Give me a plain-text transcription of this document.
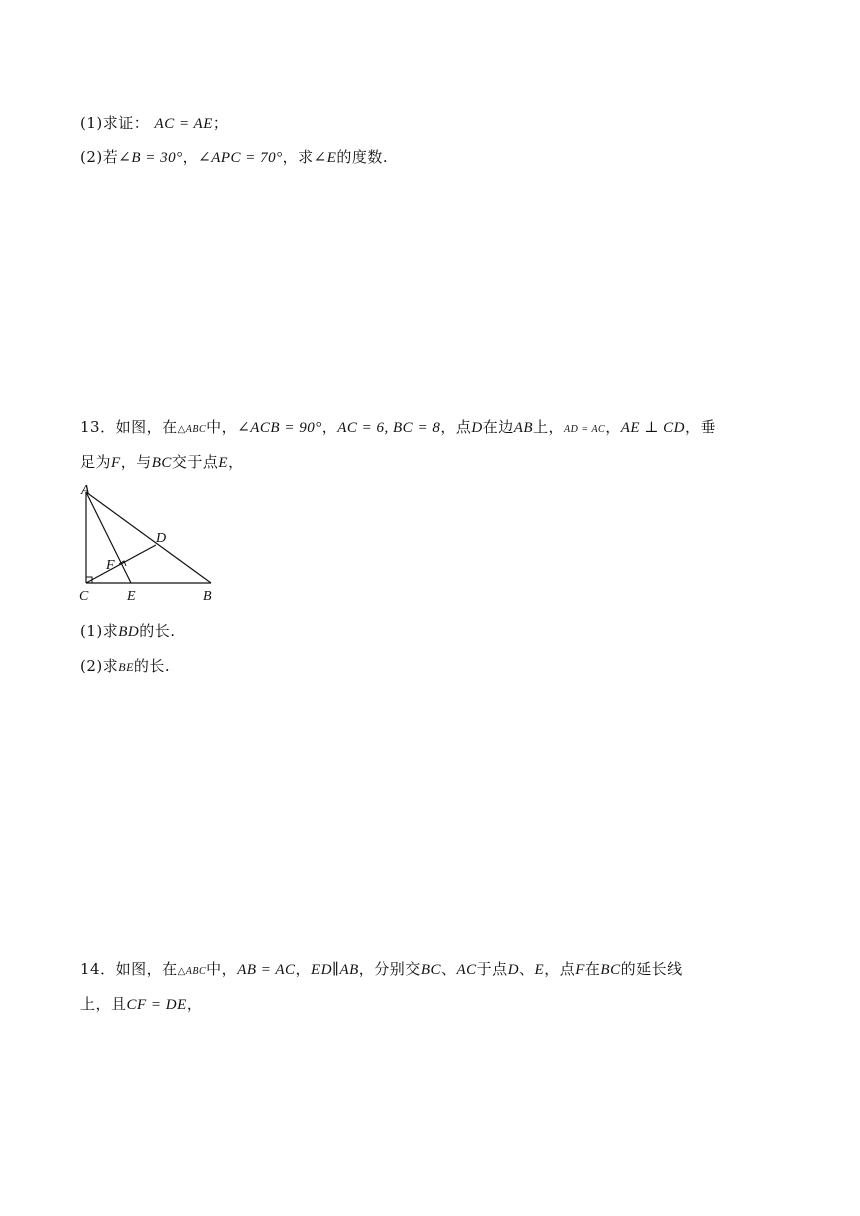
(1)求证： AC = AE；
(2)若∠B = 30°，∠APC = 70°，求∠E的度数.
13．如图，在△ABC中，∠ACB = 90°，AC = 6, BC = 8，点D在边AB上，AD = AC，AE ⊥ CD，垂
足为F，与BC交于点E，
A
D
F
C	E	B
(1)求BD的长.
(2)求BE的长.
14．如图，在△ABC中，AB = AC，ED∥AB，分别交BC、AC于点D、E，点F在BC的延长线
上，且CF = DE，
